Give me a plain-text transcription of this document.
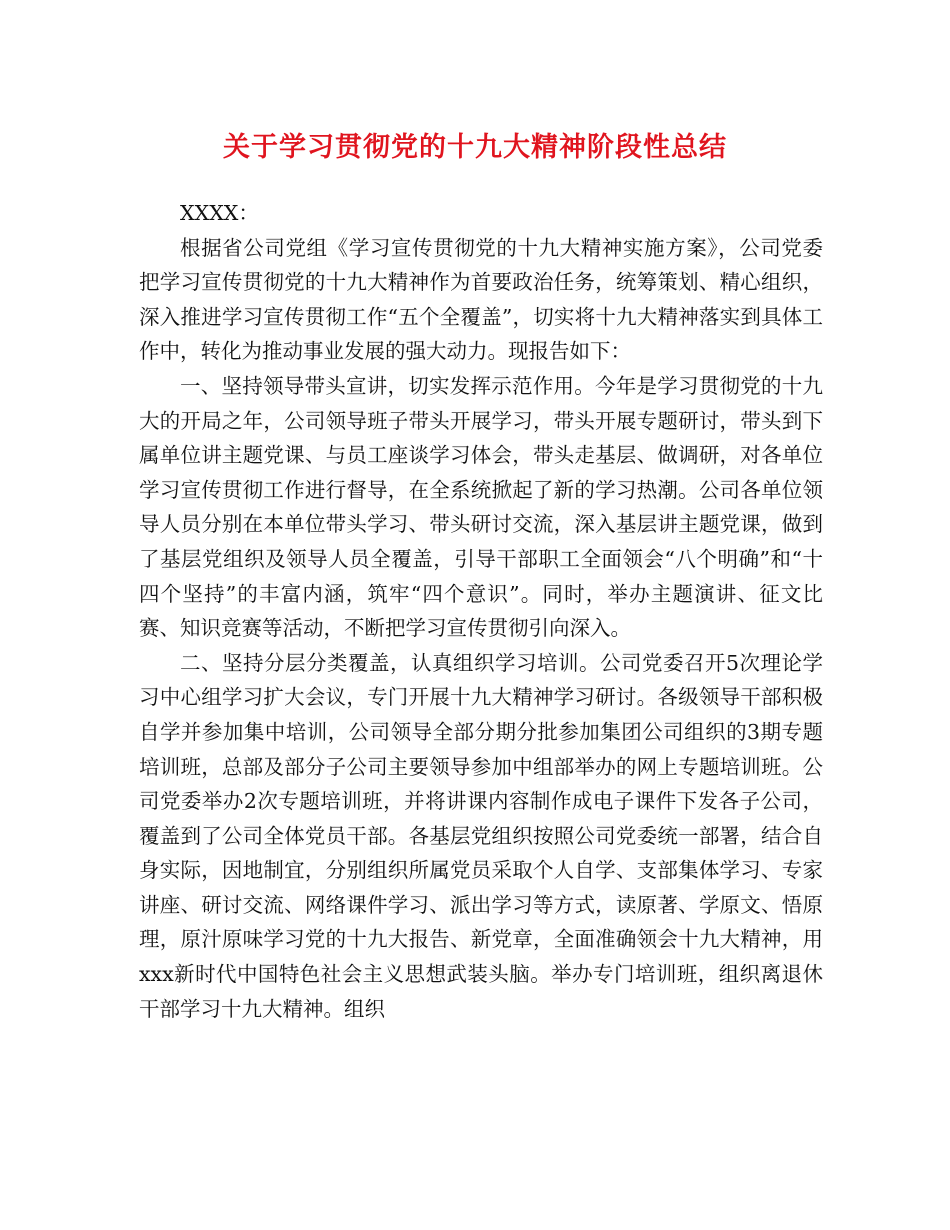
关于学习贯彻党的十九大精神阶段性总结

XXXX：

根据省公司党组《学习宣传贯彻党的十九大精神实施方案》，公司党委把学习宣传贯彻党的十九大精神作为首要政治任务，统筹策划、精心组织，深入推进学习宣传贯彻工作“五个全覆盖”，切实将十九大精神落实到具体工作中，转化为推动事业发展的强大动力。现报告如下：

一、坚持领导带头宣讲，切实发挥示范作用。今年是学习贯彻党的十九大的开局之年，公司领导班子带头开展学习，带头开展专题研讨，带头到下属单位讲主题党课、与员工座谈学习体会，带头走基层、做调研，对各单位学习宣传贯彻工作进行督导，在全系统掀起了新的学习热潮。公司各单位领导人员分别在本单位带头学习、带头研讨交流，深入基层讲主题党课，做到了基层党组织及领导人员全覆盖，引导干部职工全面领会“八个明确”和“十四个坚持”的丰富内涵，筑牢“四个意识”。同时，举办主题演讲、征文比赛、知识竞赛等活动，不断把学习宣传贯彻引向深入。

二、坚持分层分类覆盖，认真组织学习培训。公司党委召开5次理论学习中心组学习扩大会议，专门开展十九大精神学习研讨。各级领导干部积极自学并参加集中培训，公司领导全部分期分批参加集团公司组织的3期专题培训班，总部及部分子公司主要领导参加中组部举办的网上专题培训班。公司党委举办2次专题培训班，并将讲课内容制作成电子课件下发各子公司，覆盖到了公司全体党员干部。各基层党组织按照公司党委统一部署，结合自身实际，因地制宜，分别组织所属党员采取个人自学、支部集体学习、专家讲座、研讨交流、网络课件学习、派出学习等方式，读原著、学原文、悟原理，原汁原味学习党的十九大报告、新党章，全面准确领会十九大精神，用xxx新时代中国特色社会主义思想武装头脑。举办专门培训班，组织离退休干部学习十九大精神。组织
